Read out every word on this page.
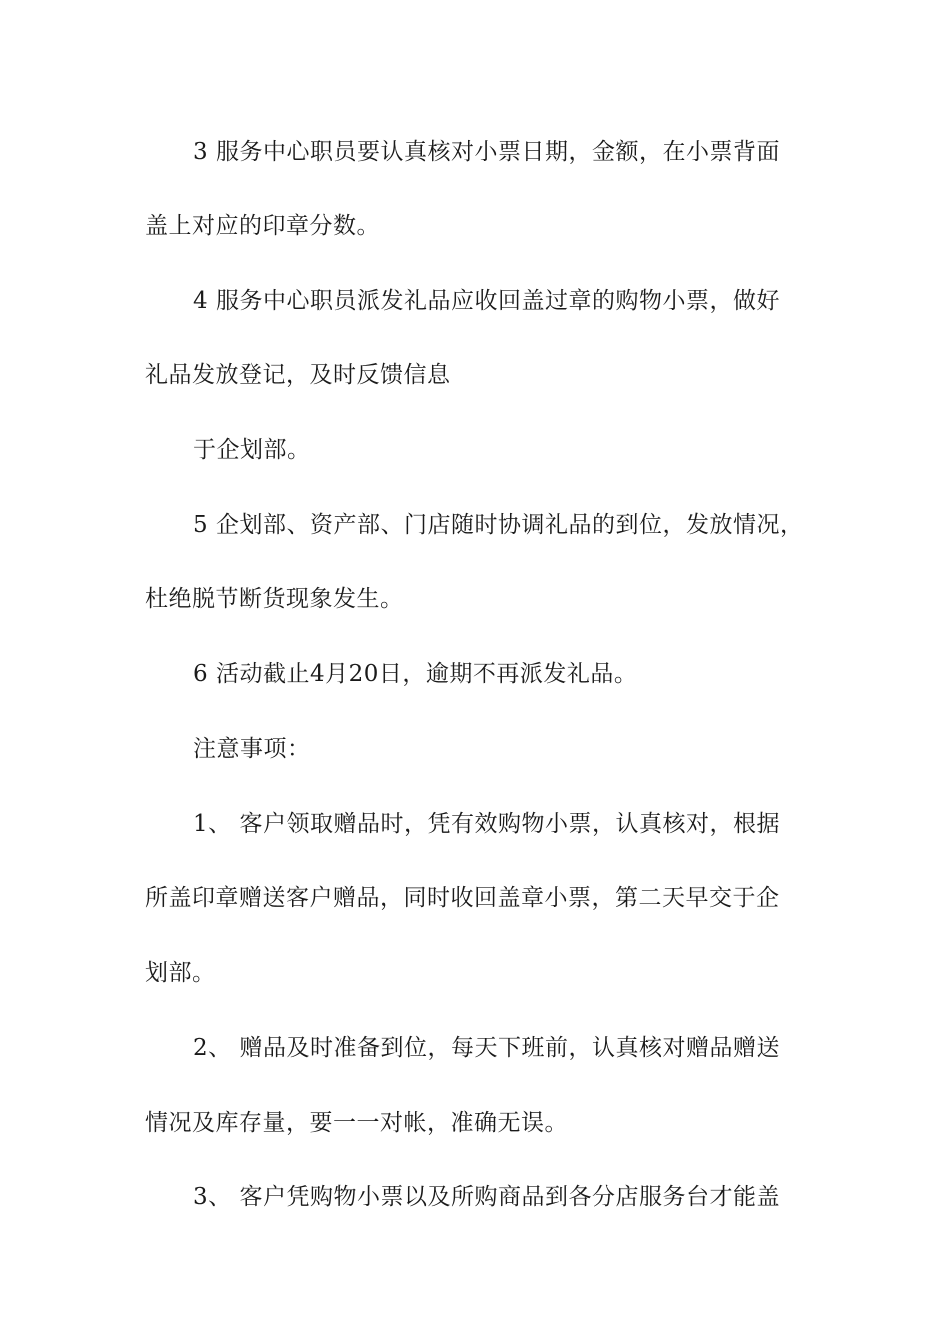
3 服务中心职员要认真核对小票日期，金额，在小票背面
盖上对应的印章分数。
4 服务中心职员派发礼品应收回盖过章的购物小票，做好
礼品发放登记，及时反馈信息
于企划部。
5 企划部、资产部、门店随时协调礼品的到位，发放情况，
杜绝脱节断货现象发生。
6 活动截止4月20日，逾期不再派发礼品。
注意事项：
1、 客户领取赠品时，凭有效购物小票，认真核对，根据
所盖印章赠送客户赠品，同时收回盖章小票，第二天早交于企
划部。
2、 赠品及时准备到位，每天下班前，认真核对赠品赠送
情况及库存量，要一一对帐，准确无误。
3、 客户凭购物小票以及所购商品到各分店服务台才能盖
